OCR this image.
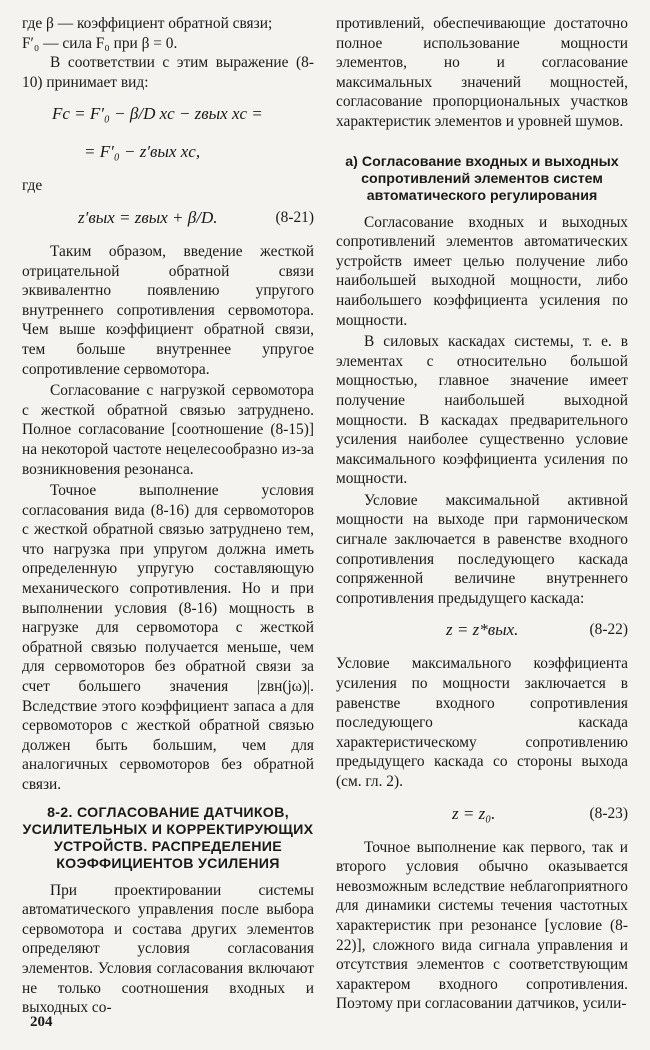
где β — коэффициент обратной связи;
F′₀ — сила F₀ при β = 0.

В соответствии с этим выражение (8-10) принимает вид:

Fc = F′₀ − β/D xc − zвых xc =
= F′₀ − z′вых xc,
где
z′вых = zвых + β/D.	(8-21)

Таким образом, введение жесткой отрицательной обратной связи эквивалентно появлению упругого внутреннего сопротивления сервомотора. Чем выше коэффициент обратной связи, тем больше внутреннее упругое сопротивление сервомотора.

Согласование с нагрузкой сервомотора с жесткой обратной связью затруднено. Полное согласование [соотношение (8-15)] на некоторой частоте нецелесообразно из-за возникновения резонанса.

Точное выполнение условия согласования вида (8-16) для сервомоторов с жесткой обратной связью затруднено тем, что нагрузка при упругом должна иметь определенную упругую составляющую механического сопротивления. Но и при выполнении условия (8-16) мощность в нагрузке для сервомотора с жесткой обратной связью получается меньше, чем для сервомоторов без обратной связи за счет большего значения |zвн(jω)|. Вследствие этого коэффициент запаса a для сервомоторов с жесткой обратной связью должен быть большим, чем для аналогичных сервомоторов без обратной связи.

8-2. СОГЛАСОВАНИЕ ДАТЧИКОВ, УСИЛИТЕЛЬНЫХ И КОРРЕКТИРУЮЩИХ УСТРОЙСТВ. РАСПРЕДЕЛЕНИЕ КОЭФФИЦИЕНТОВ УСИЛЕНИЯ

При проектировании системы автоматического управления после выбора сервомотора и состава других элементов определяют условия согласования элементов. Условия согласования включают не только соотношения входных и выходных со-

противлений, обеспечивающие достаточно полное использование мощности элементов, но и согласование максимальных значений мощностей, согласование пропорциональных участков характеристик элементов и уровней шумов.

а) Согласование входных и выходных сопротивлений элементов систем автоматического регулирования

Согласование входных и выходных сопротивлений элементов автоматических устройств имеет целью получение либо наибольшей выходной мощности, либо наибольшего коэффициента усиления по мощности.

В силовых каскадах системы, т. е. в элементах с относительно большой мощностью, главное значение имеет получение наибольшей выходной мощности. В каскадах предварительного усиления наиболее существенно условие максимального коэффициента усиления по мощности.

Условие максимальной активной мощности на выходе при гармоническом сигнале заключается в равенстве входного сопротивления последующего каскада сопряженной величине внутреннего сопротивления предыдущего каскада:

z = z*вых.	(8-22)

Условие максимального коэффициента усиления по мощности заключается в равенстве входного сопротивления последующего каскада характеристическому сопротивлению предыдущего каскада со стороны выхода (см. гл. 2).

z = z₀.	(8-23)

Точное выполнение как первого, так и второго условия обычно оказывается невозможным вследствие неблагоприятного для динамики системы течения частотных характеристик при резонансе [условие (8-22)], сложного вида сигнала управления и отсутствия элементов с соответствующим характером входного сопротивления. Поэтому при согласовании датчиков, усили-

204
